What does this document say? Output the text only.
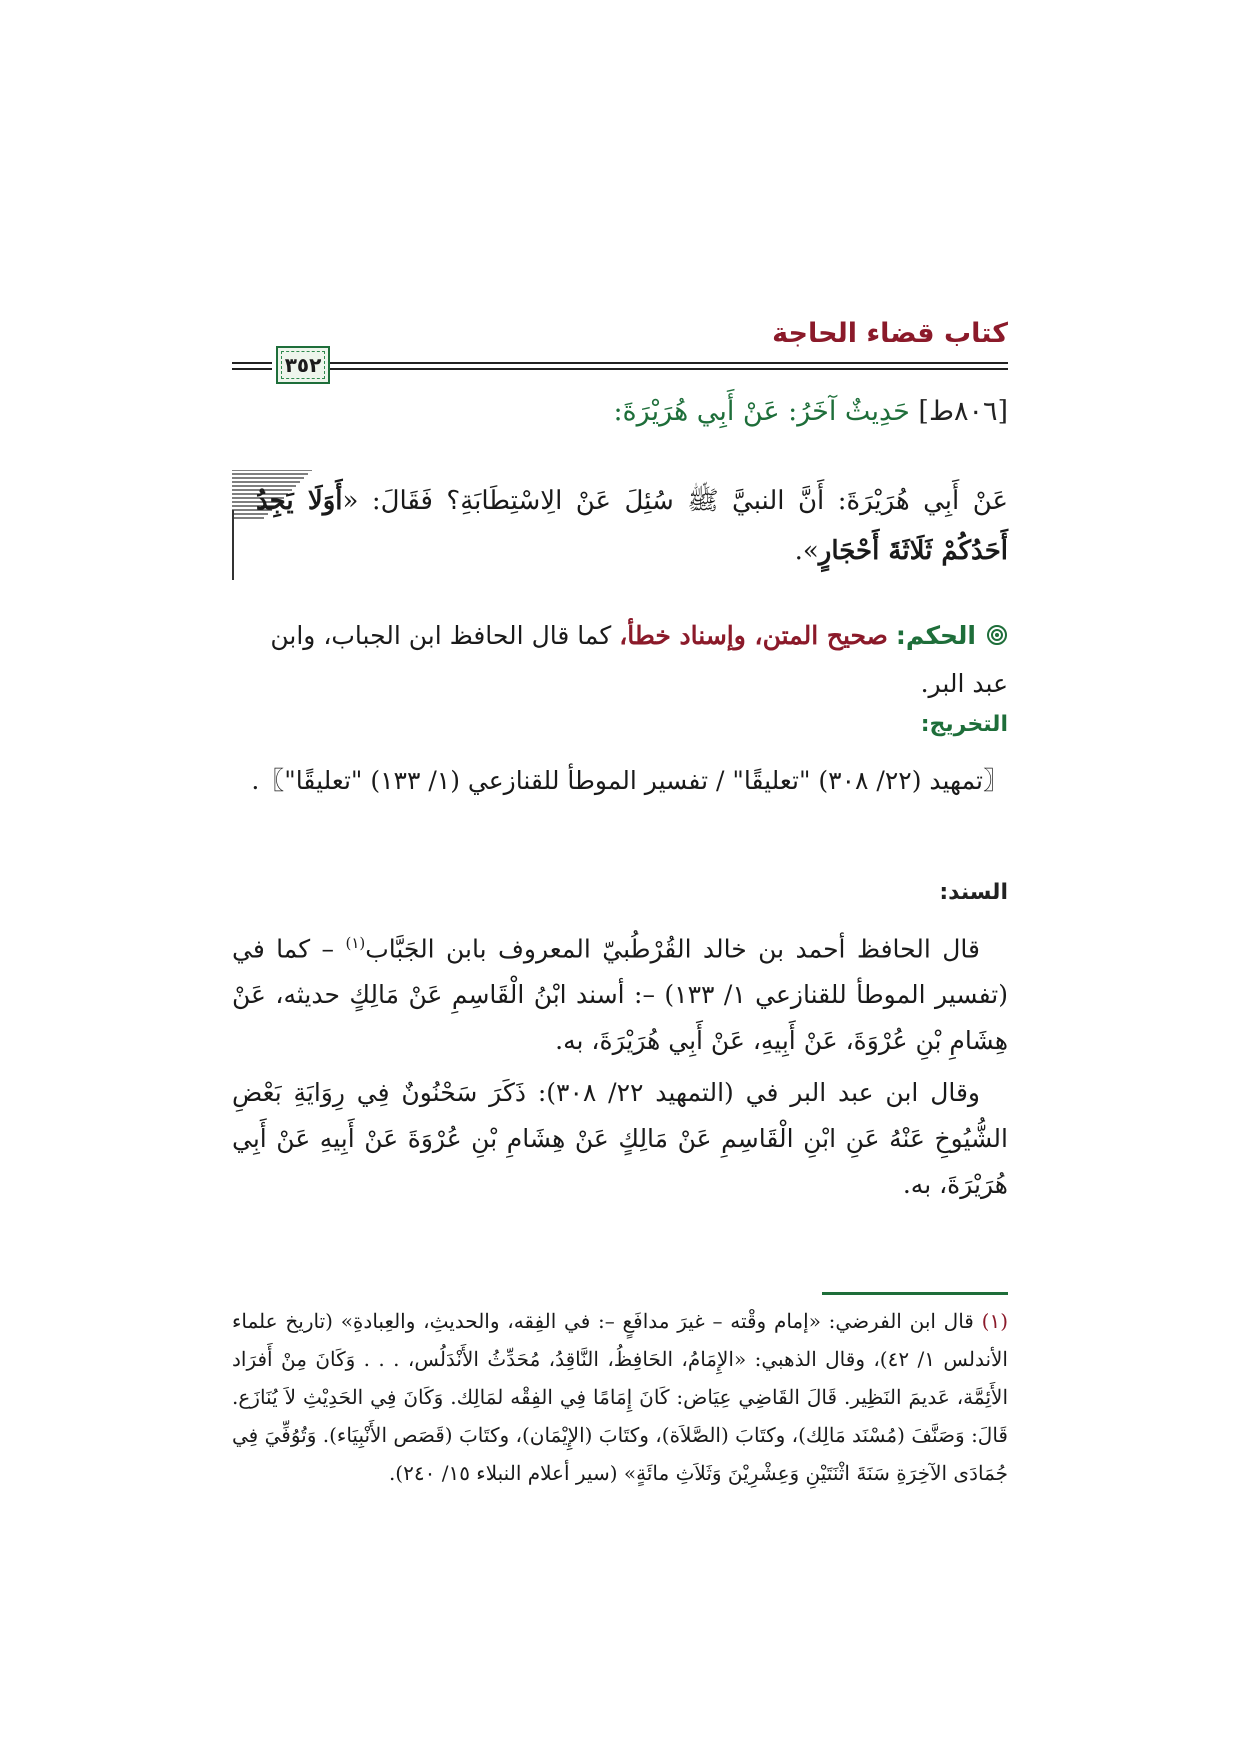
كتاب قضاء الحاجة
٣٥٢
[٨٠٦ط] حَدِيثٌ آخَرُ: عَنْ أَبِي هُرَيْرَةَ:
عَنْ أَبِي هُرَيْرَةَ: أَنَّ النبيَّ ﷺ سُئِلَ عَنْ الِاسْتِطَابَةِ؟ فَقَالَ: «أَوَلَا يَجِدُ أَحَدُكُمْ ثَلَاثَةَ أَحْجَارٍ».
الحكم: صحيح المتن، وإسناد خطأ، كما قال الحافظ ابن الجباب، وابن عبد البر.
التخريج:

〖تمهيد (٢٢/ ٣٠٨) "تعليقًا" / تفسير الموطأ للقنازعي (١/ ١٣٣) "تعليقًا"〗.

السند:

قال الحافظ أحمد بن خالد القُرْطُبيّ المعروف بابن الجَبَّاب$^{(١)}$ – كما في (تفسير الموطأ للقنازعي ١/ ١٣٣) –: أسند ابْنُ الْقَاسِمِ عَنْ مَالِكٍ حديثه، عَنْ هِشَامِ بْنِ عُرْوَةَ، عَنْ أَبِيهِ، عَنْ أَبِي هُرَيْرَةَ، به.

وقال ابن عبد البر في (التمهيد ٢٢/ ٣٠٨): ذَكَرَ سَحْنُونٌ فِي رِوَايَةِ بَعْضِ الشُّيُوخِ عَنْهُ عَنِ ابْنِ الْقَاسِمِ عَنْ مَالِكٍ عَنْ هِشَامِ بْنِ عُرْوَةَ عَنْ أَبِيهِ عَنْ أَبِي هُرَيْرَةَ، به.

(١) قال ابن الفرضي: «إمام وقْته – غيرَ مدافَعٍ –: في الفِقه، والحديثِ، والعِبادةِ» (تاريخ علماء الأندلس ١/ ٤٢)، وقال الذهبي: «الإِمَامُ، الحَافِظُ، النَّاقِدُ، مُحَدِّثُ الأَنْدَلُس، . . . وَكَانَ مِنْ أَفرَاد الأَئِمَّة، عَديمَ النَظِير. قَالَ القَاضِي عِيَاض: كَانَ إِمَامًا فِي الفِقْه لمَالِك. وَكَانَ فِي الحَدِيْثِ لاَ يُنَازَع. قَالَ: وَصَنَّفَ (مُسْنَد مَالِك)، وكتَابَ (الصَّلاَة)، وكتَابَ (الإِيْمَان)، وكتَابَ (قَصَص الأَنْبِيَاء). وَتُوُفِّيَ فِي جُمَادَى الآخِرَةِ سَنَةَ اثْنَتَيْنِ وَعِشْرِيْنَ وَثَلاَثِ مائَةٍ» (سير أعلام النبلاء ١٥/ ٢٤٠).
